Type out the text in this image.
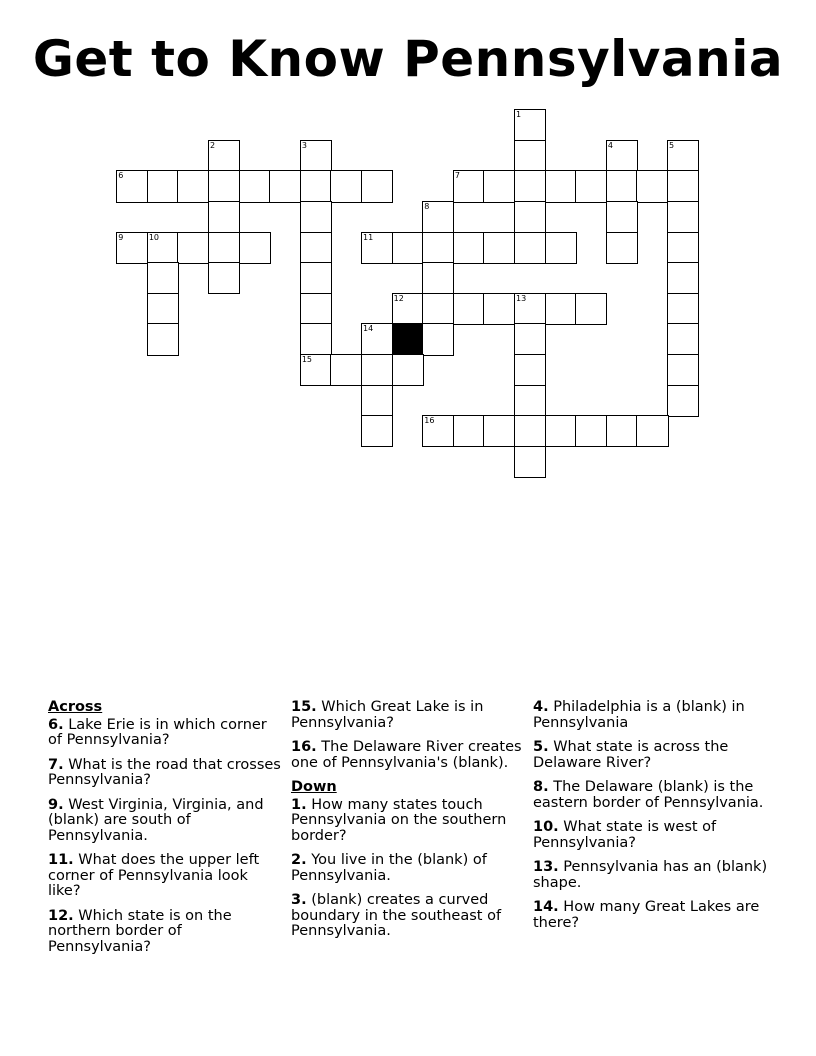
Get to Know Pennsylvania
1
2	3	4	5
6	7
8
9	10	11
12	13
14
15
16
Across
6. Lake Erie is in which corner of Pennsylvania?
7. What is the road that crosses Pennsylvania?
9. West Virginia, Virginia, and (blank) are south of Pennsylvania.
11. What does the upper left corner of Pennsylvania look like?
12. Which state is on the northern border of Pennsylvania?
15. Which Great Lake is in Pennsylvania?
16. The Delaware River creates one of Pennsylvania's (blank).
Down
1. How many states touch Pennsylvania on the southern border?
2. You live in the (blank) of Pennsylvania.
3. (blank) creates a curved boundary in the southeast of Pennsylvania.
4. Philadelphia is a (blank) in Pennsylvania
5. What state is across the Delaware River?
8. The Delaware (blank) is the eastern border of Pennsylvania.
10. What state is west of Pennsylvania?
13. Pennsylvania has an (blank) shape.
14. How many Great Lakes are there?
